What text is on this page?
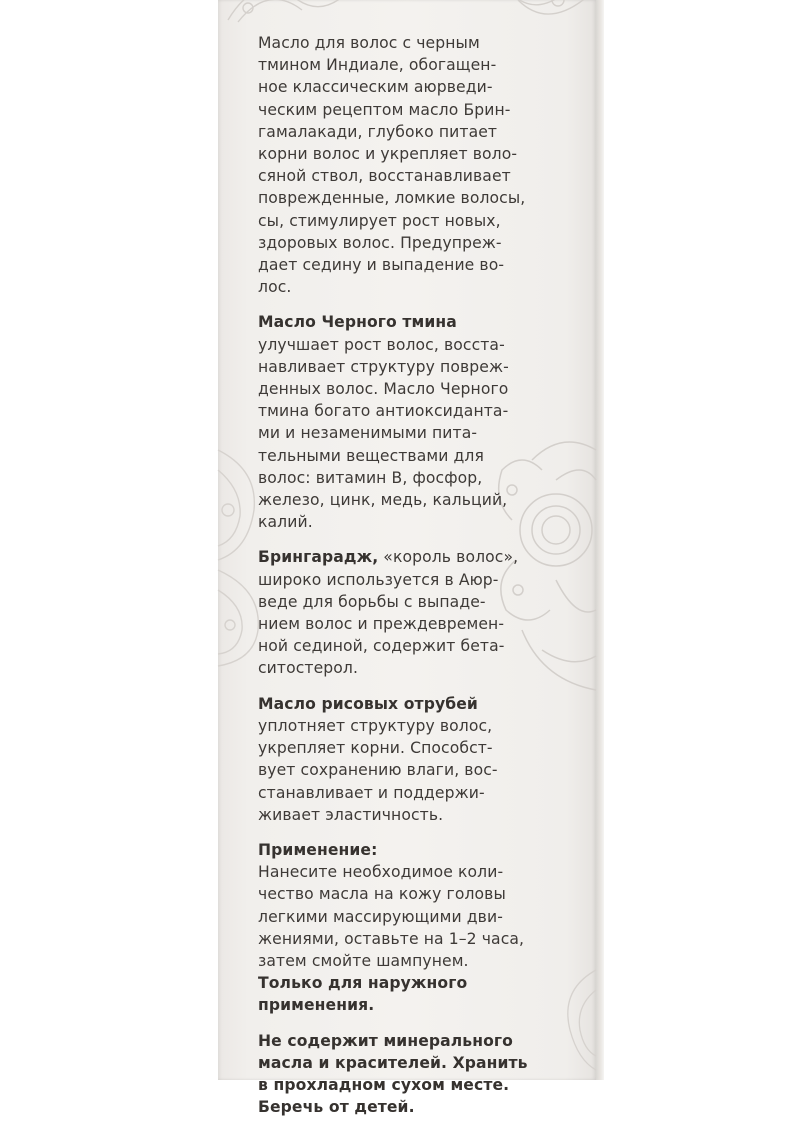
Масло для волос с черным
тмином Индиале, обогащен-
ное классическим аюрведи-
ческим рецептом масло Брин-
гамалакади, глубоко питает
корни волос и укрепляет воло-
сяной ствол, восстанавливает
поврежденные, ломкие волосы,
сы, стимулирует рост новых,
здоровых волос. Предупреж-
дает седину и выпадение во-
лос.
Масло Черного тмина
улучшает рост волос, восста-
навливает структуру повреж-
денных волос. Масло Черного
тмина богато антиоксиданта-
ми и незаменимыми питa-
тельными веществами для
волос: витамин В, фосфор,
железо, цинк, медь, кальций,
калий.
Брингарадж, «король волос»,
широко используется в Аюр-
веде для борьбы с выпаде-
нием волос и преждевремен-
ной сединой, содержит бета-
ситостерол.
Масло рисовых отрубей
уплотняет структуру волос,
укрепляет корни. Способст-
вует сохранению влаги, вос-
станавливает и поддержи-
живает эластичность.
Применение:
Нанесите необходимое коли-
чество масла на кожу головы
легкими массирующими дви-
жениями, оставьте на 1–2 часа,
затем смойте шампунем.
Только для наружного
применения.
Не содержит минерального
масла и красителей. Хранить
в прохладном сухом месте.
Беречь от детей.
